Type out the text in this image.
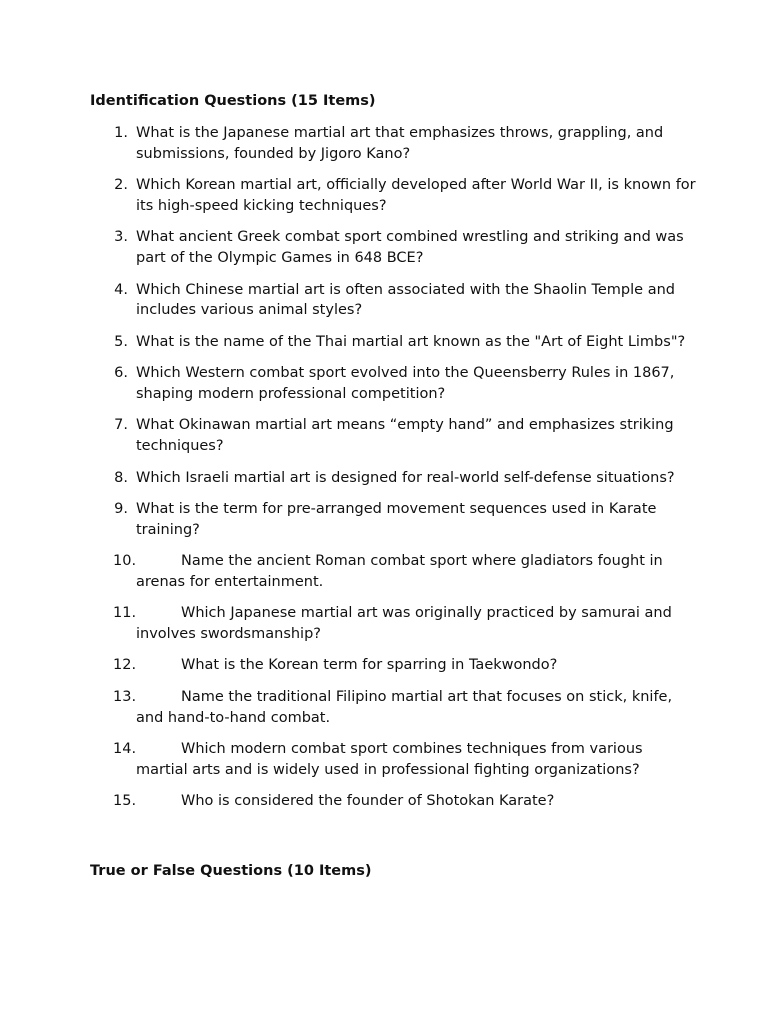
Identification Questions (15 Items)
1. What is the Japanese martial art that emphasizes throws, grappling, and submissions, founded by Jigoro Kano?
2. Which Korean martial art, officially developed after World War II, is known for its high-speed kicking techniques?
3. What ancient Greek combat sport combined wrestling and striking and was part of the Olympic Games in 648 BCE?
4. Which Chinese martial art is often associated with the Shaolin Temple and includes various animal styles?
5. What is the name of the Thai martial art known as the "Art of Eight Limbs"?
6. Which Western combat sport evolved into the Queensberry Rules in 1867, shaping modern professional competition?
7. What Okinawan martial art means “empty hand” and emphasizes striking techniques?
8. Which Israeli martial art is designed for real-world self-defense situations?
9. What is the term for pre-arranged movement sequences used in Karate training?
10.	Name the ancient Roman combat sport where gladiators fought in arenas for entertainment.
11.	Which Japanese martial art was originally practiced by samurai and involves swordsmanship?
12.	What is the Korean term for sparring in Taekwondo?
13.	Name the traditional Filipino martial art that focuses on stick, knife, and hand-to-hand combat.
14.	Which modern combat sport combines techniques from various martial arts and is widely used in professional fighting organizations?
15.	Who is considered the founder of Shotokan Karate?
True or False Questions (10 Items)
